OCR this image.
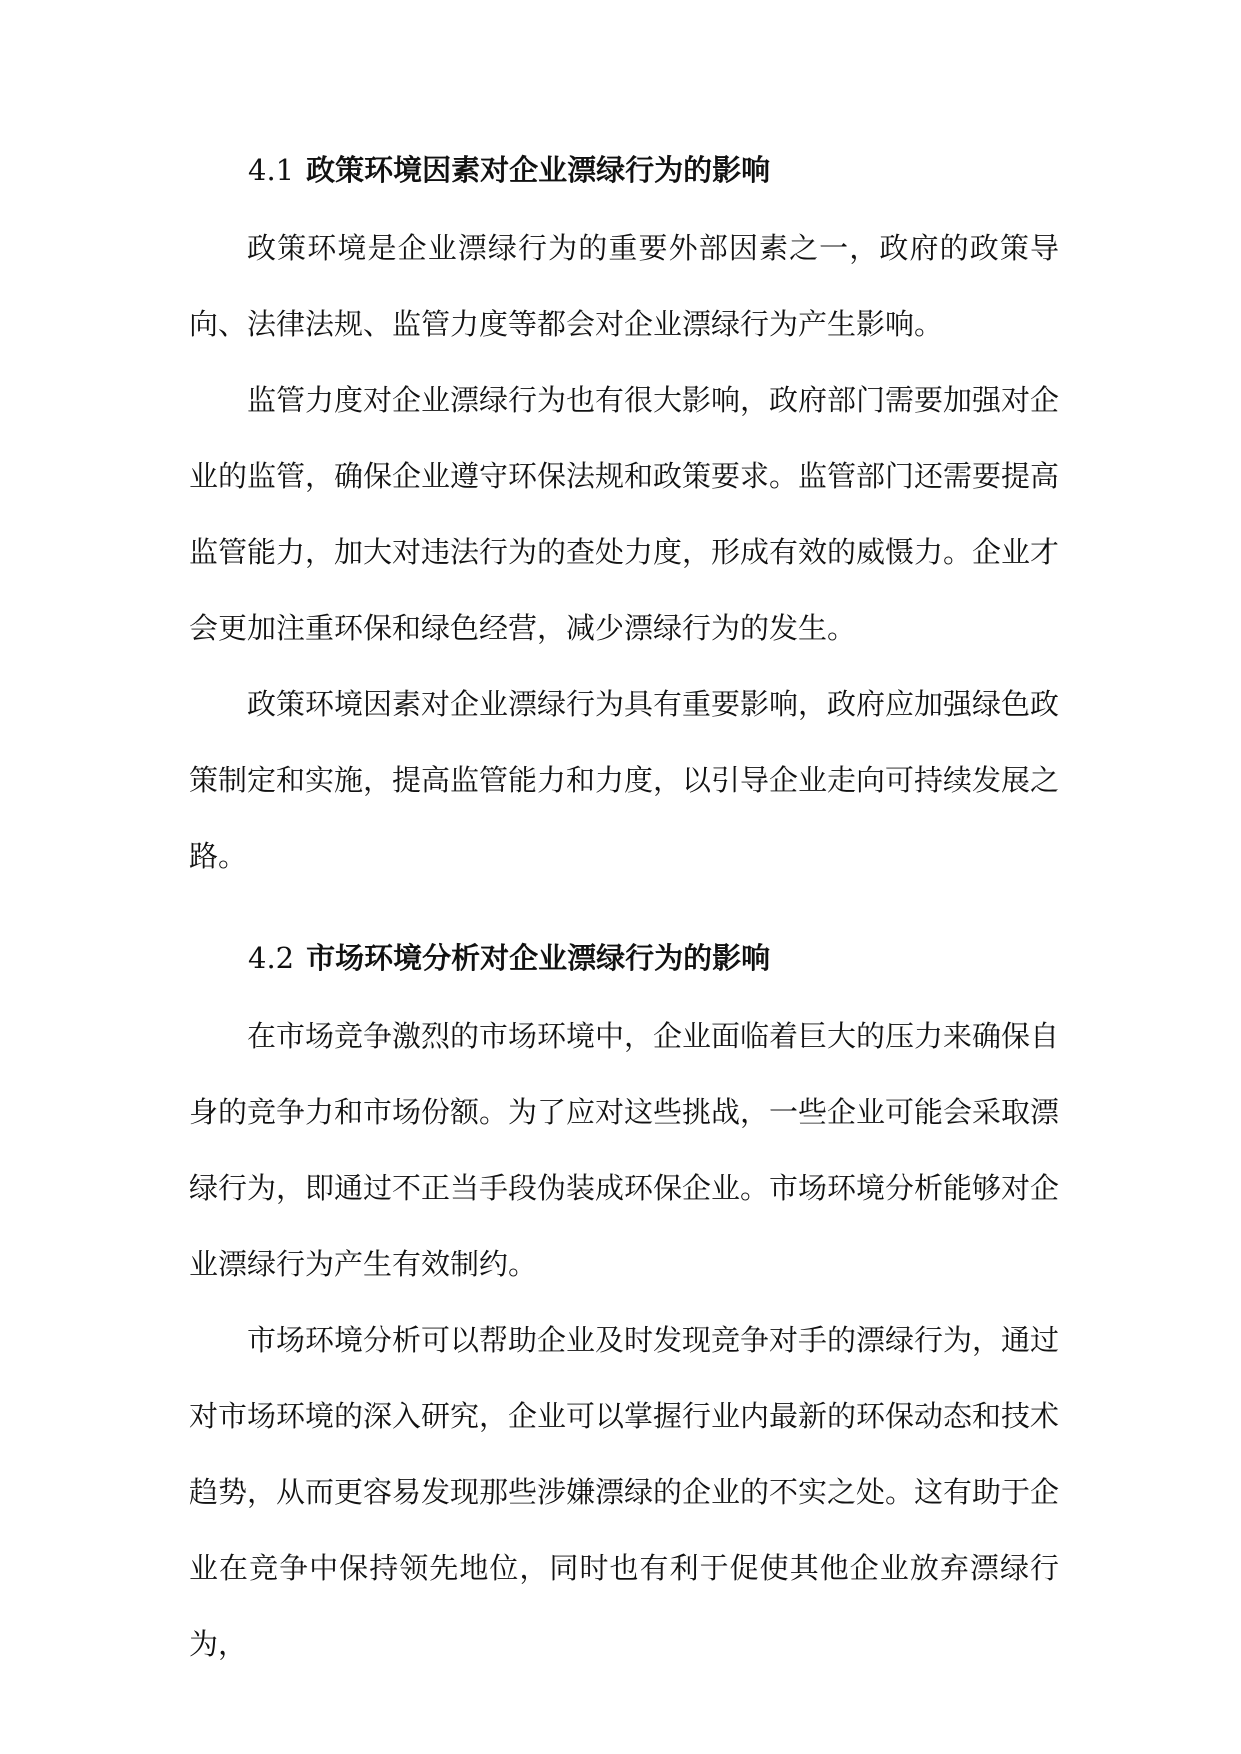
4.1 政策环境因素对企业漂绿行为的影响

政策环境是企业漂绿行为的重要外部因素之一，政府的政策导向、法律法规、监管力度等都会对企业漂绿行为产生影响。

监管力度对企业漂绿行为也有很大影响，政府部门需要加强对企业的监管，确保企业遵守环保法规和政策要求。监管部门还需要提高监管能力，加大对违法行为的查处力度，形成有效的威慑力。企业才会更加注重环保和绿色经营，减少漂绿行为的发生。

政策环境因素对企业漂绿行为具有重要影响，政府应加强绿色政策制定和实施，提高监管能力和力度，以引导企业走向可持续发展之路。

4.2 市场环境分析对企业漂绿行为的影响

在市场竞争激烈的市场环境中，企业面临着巨大的压力来确保自身的竞争力和市场份额。为了应对这些挑战，一些企业可能会采取漂绿行为，即通过不正当手段伪装成环保企业。市场环境分析能够对企业漂绿行为产生有效制约。

市场环境分析可以帮助企业及时发现竞争对手的漂绿行为，通过对市场环境的深入研究，企业可以掌握行业内最新的环保动态和技术趋势，从而更容易发现那些涉嫌漂绿的企业的不实之处。这有助于企业在竞争中保持领先地位，同时也有利于促使其他企业放弃漂绿行为，
